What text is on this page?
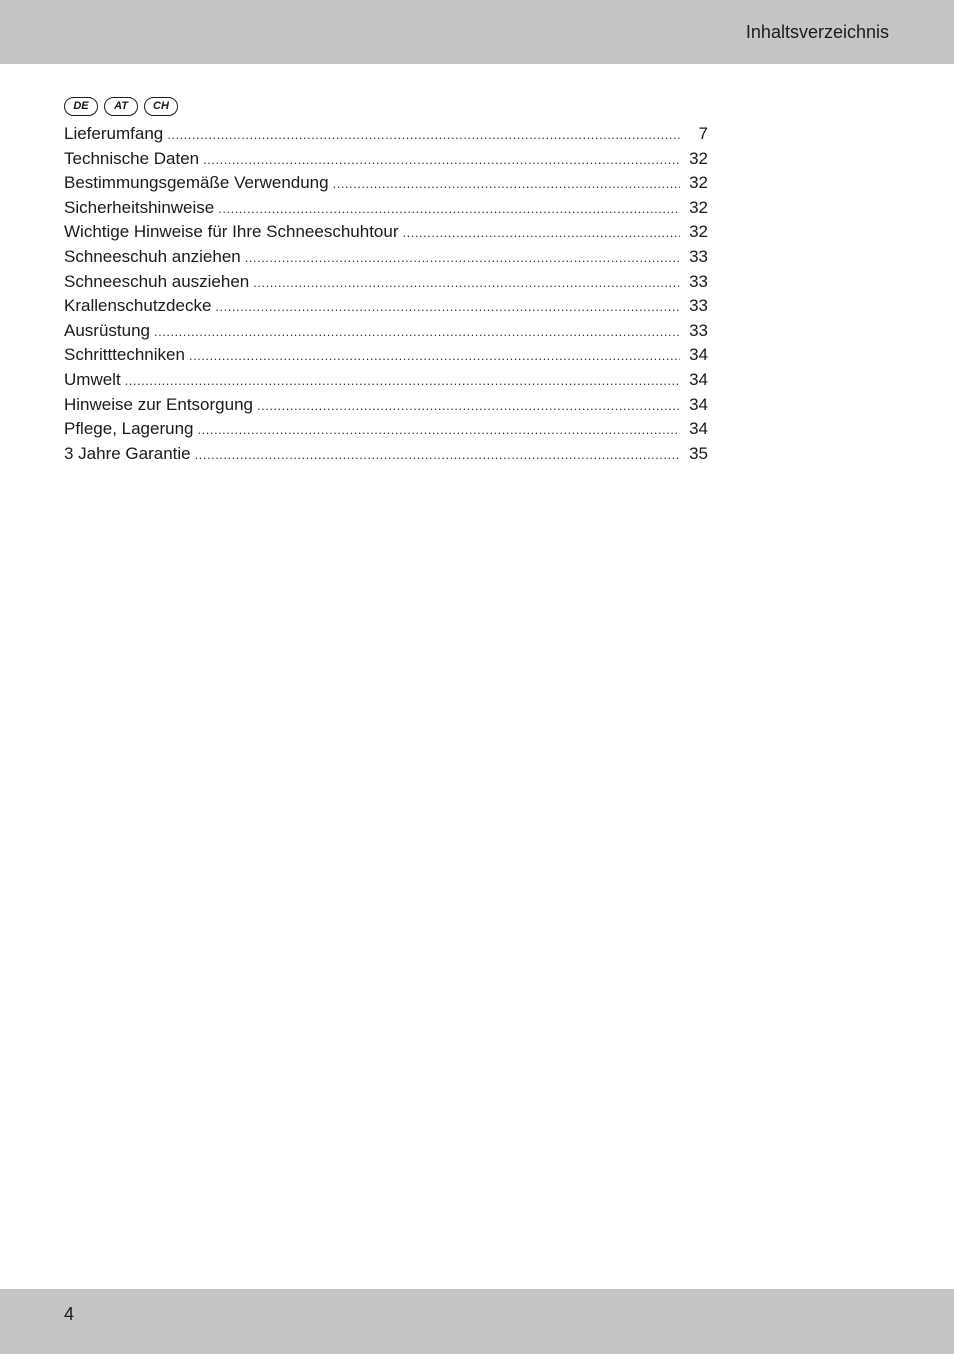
Inhaltsverzeichnis
DE	AT	CH
Lieferumfang .....	7
Technische Daten .....	32
Bestimmungsgemäße Verwendung .....	32
Sicherheitshinweise .....	32
Wichtige Hinweise für Ihre Schneeschuhtour .....	32
Schneeschuh anziehen .....	33
Schneeschuh ausziehen .....	33
Krallenschutzdecke .....	33
Ausrüstung .....	33
Schritttechniken .....	34
Umwelt .....	34
Hinweise zur Entsorgung .....	34
Pflege, Lagerung .....	34
3 Jahre Garantie .....	35
4
